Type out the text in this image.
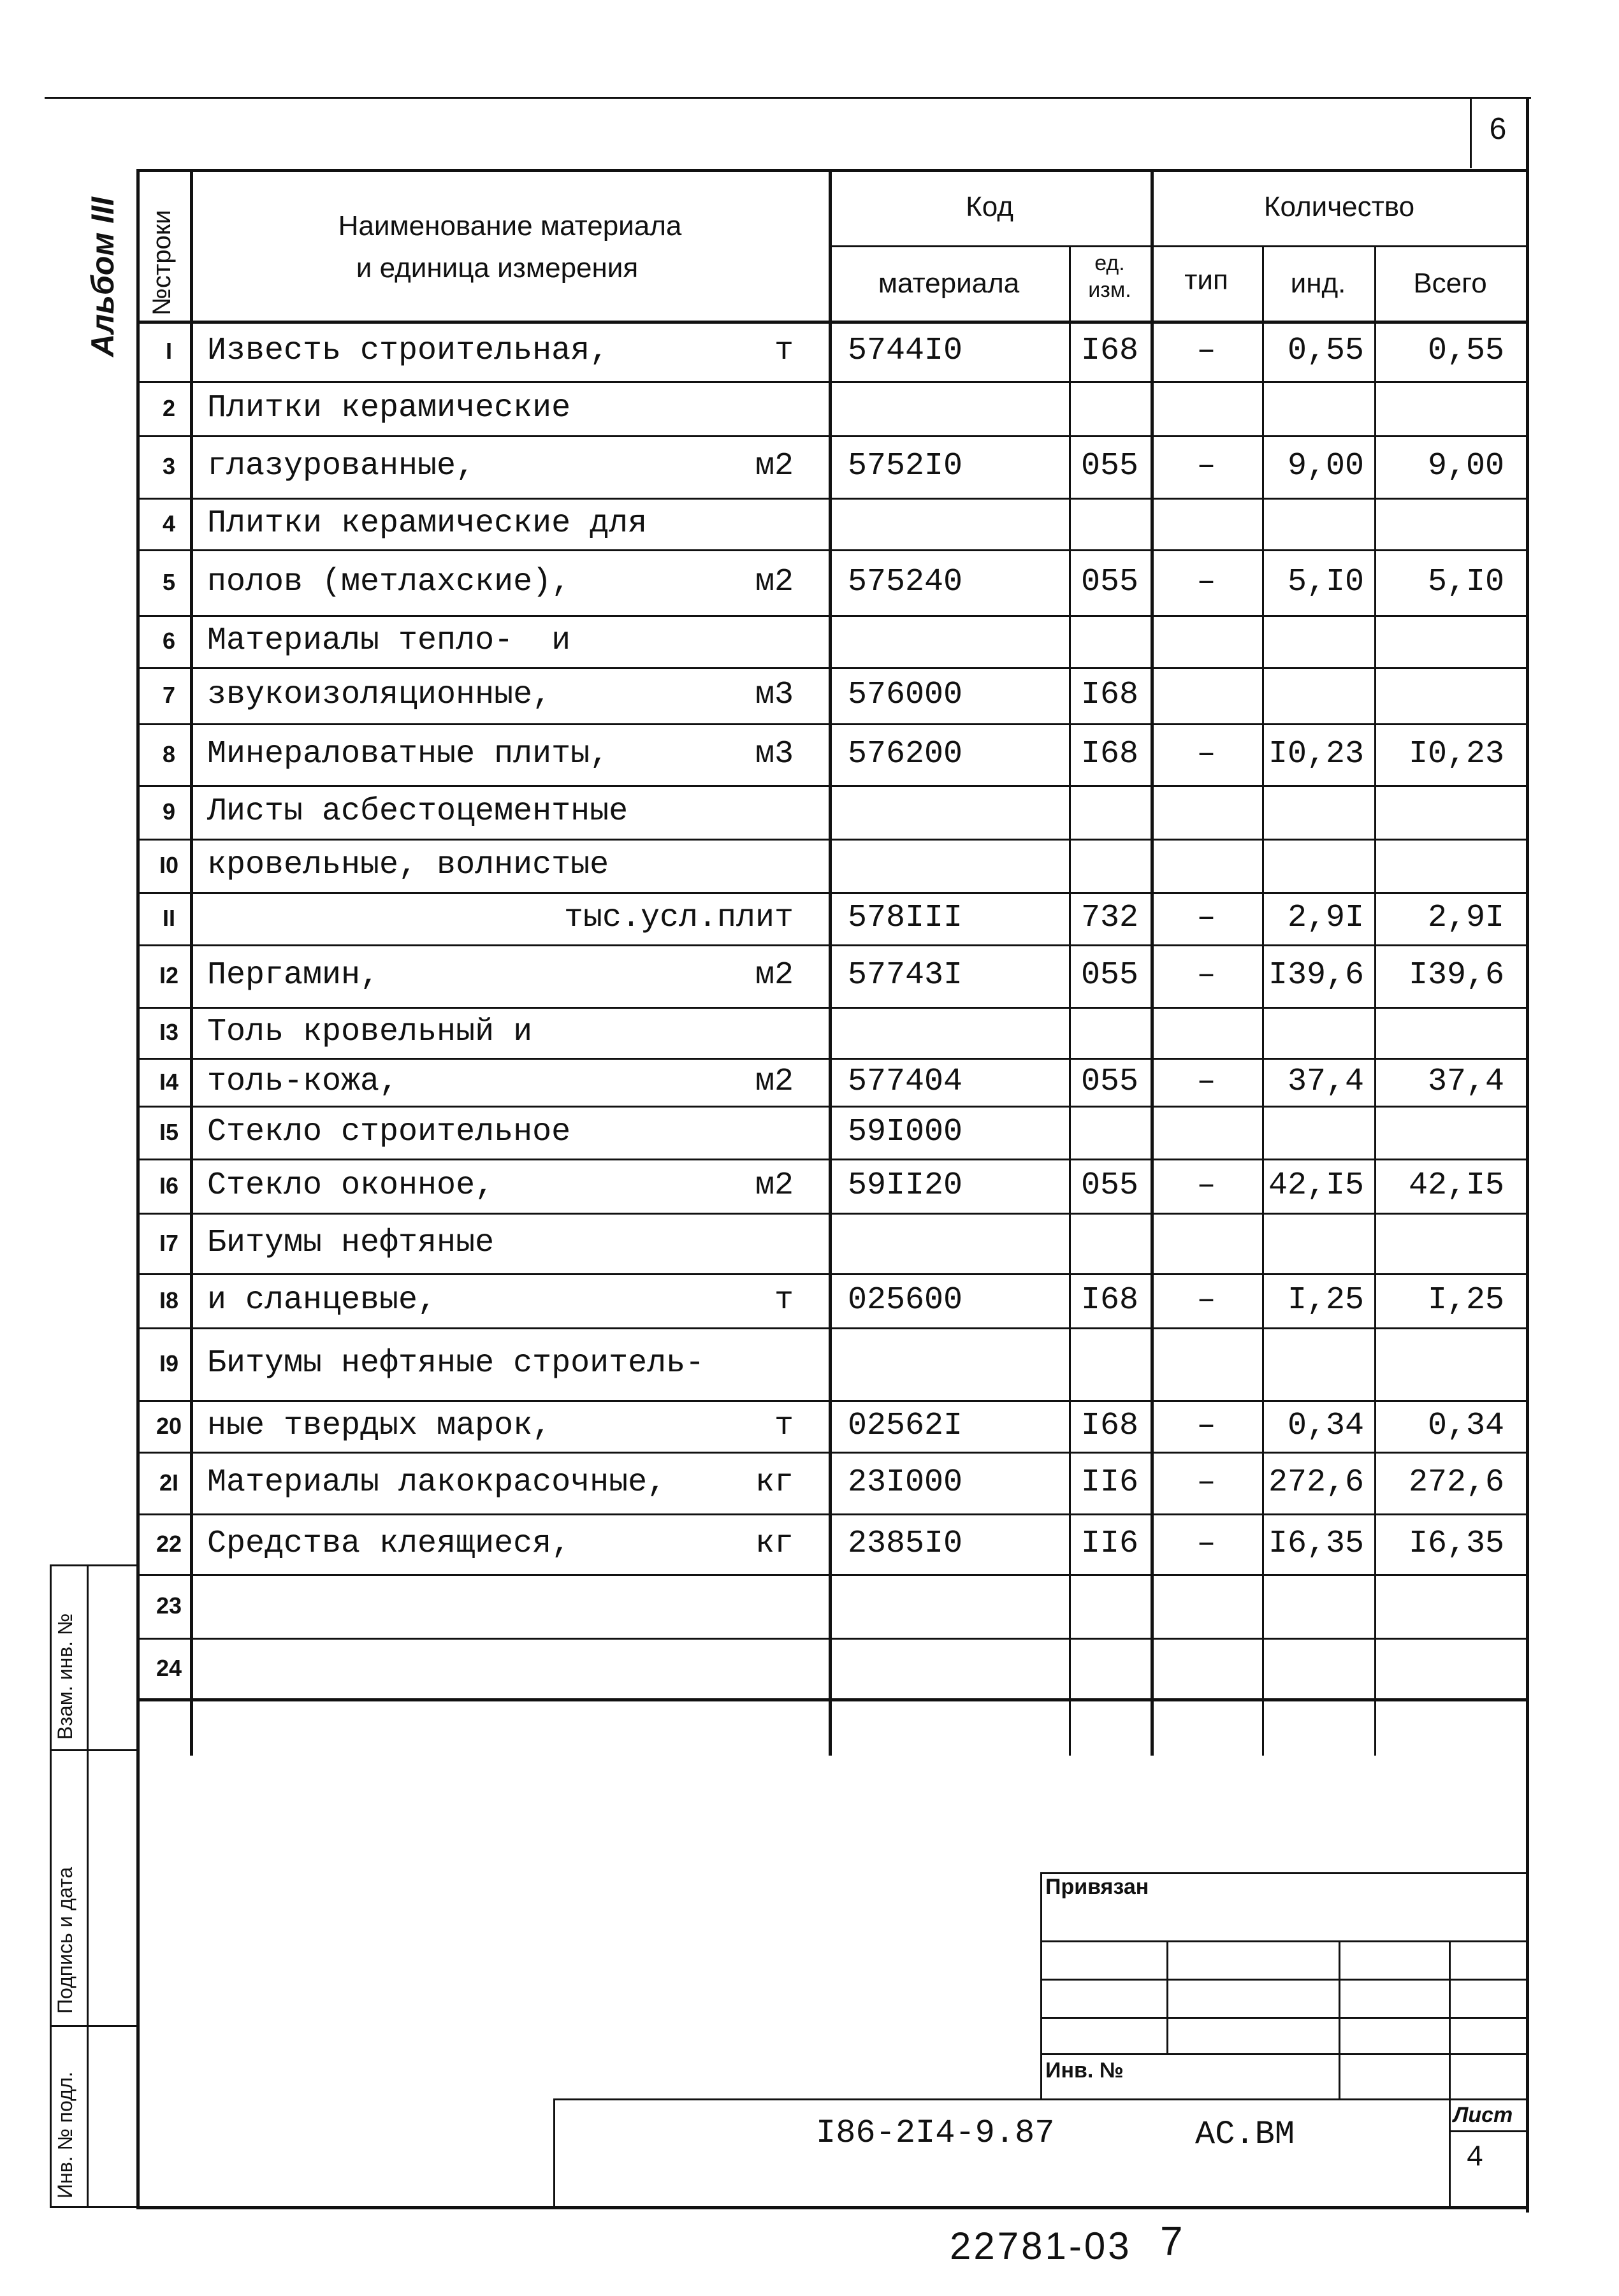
6
Альбом III №строки	Наименование материала
и единица измерения
Код	Количество
материала
ед.
изм.	тип	инд.	Всего
I	Известь строительная,	т 5744I0	I68	–	0,55	0,55
2 Плитки керамические
3 глазурованные,	м2 5752I0	055	–	9,00	9,00
4 Плитки керамические для
5 полов (метлахские),	м2 575240	055	–	5,I0	5,I0
6 Материалы тепло-  и
7 звукоизоляционные,	м3 576000	I68
8 Минераловатные плиты,	м3 576200	I68	–	I0,23	I0,23
9 Листы асбестоцементные
I0 кровельные, волнистые
II	тыс.усл.плит 578III	732	–	2,9I	2,9I
I2 Пергамин,	м2 57743I	055	–	I39,6	I39,6
I3 Толь кровельный и
I4 толь-кожа,	м2 577404	055	–	37,4	37,4
I5 Стекло строительное	59I000
I6 Стекло оконное,	м2 59II20	055	–	42,I5	42,I5
I7 Битумы нефтяные
I8 и сланцевые,	т 025600	I68	–	I,25	I,25
I9 Битумы нефтяные строитель-
20 ные твердых марок,	т 02562I	I68	–	0,34	0,34
2I Материалы лакокрасочные,	кг 23I000	II6	–	272,6	272,6
22 Средства клеящиеся,	кг 2385I0	II6	–	I6,35	I6,35
23
24
Взам. инв. №
Подпись и дата
Инв. № подл.
Привязан
Инв. №
I86-2I4-9.87	АС.ВМ
Лист
4
22781-03 7
